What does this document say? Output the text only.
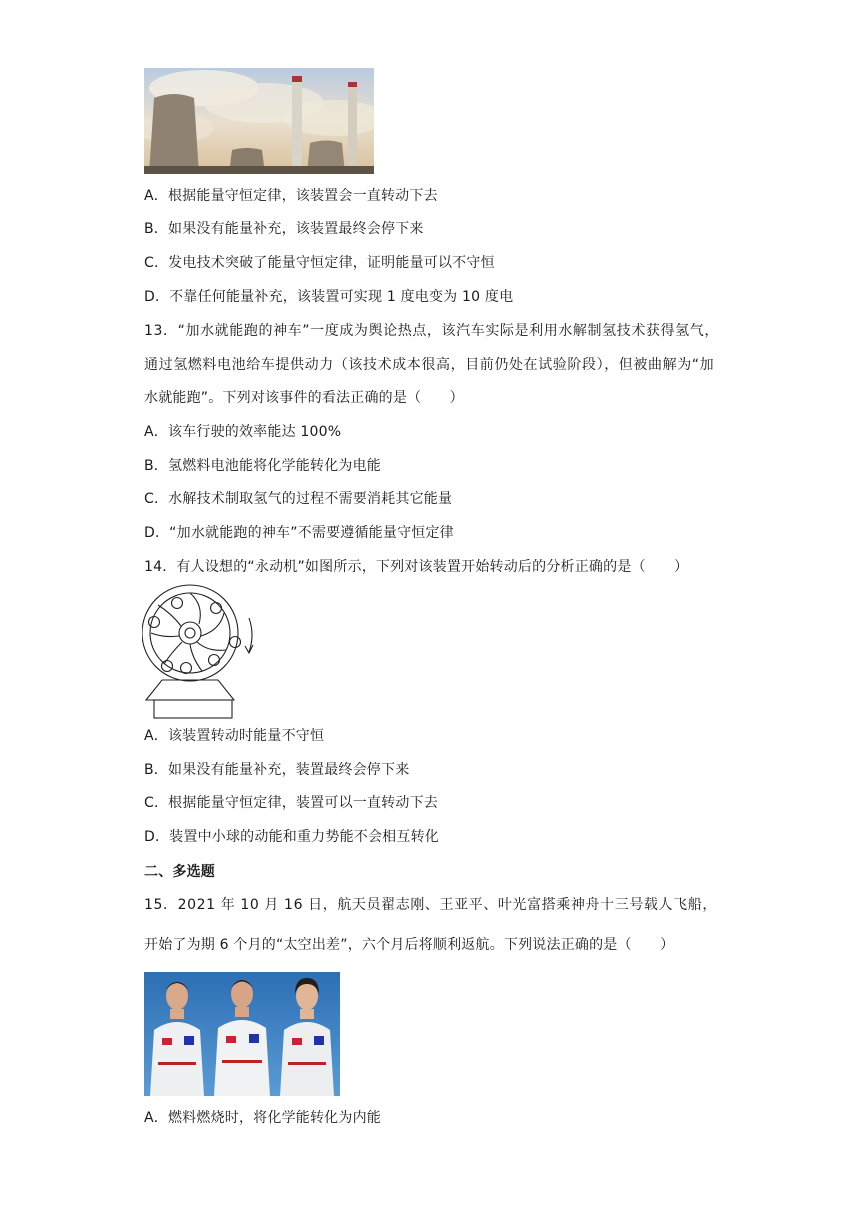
A．根据能量守恒定律，该装置会一直转动下去
B．如果没有能量补充，该装置最终会停下来
C．发电技术突破了能量守恒定律，证明能量可以不守恒
D．不靠任何能量补充，该装置可实现 1 度电变为 10 度电
13．“加水就能跑的神车”一度成为舆论热点，该汽车实际是利用水解制氢技术获得氢气，
通过氢燃料电池给车提供动力（该技术成本很高，目前仍处在试验阶段），但被曲解为“加
水就能跑”。下列对该事件的看法正确的是（　　）
A．该车行驶的效率能达 100%
B．氢燃料电池能将化学能转化为电能
C．水解技术制取氢气的过程不需要消耗其它能量
D．“加水就能跑的神车”不需要遵循能量守恒定律
14．有人设想的“永动机”如图所示，下列对该装置开始转动后的分析正确的是（　　）
A．该装置转动时能量不守恒
B．如果没有能量补充，装置最终会停下来
C．根据能量守恒定律，装置可以一直转动下去
D．装置中小球的动能和重力势能不会相互转化
二、多选题
15．2021 年 10 月 16 日，航天员翟志刚、王亚平、叶光富搭乘神舟十三号载人飞船，
开始了为期 6 个月的“太空出差”，六个月后将顺利返航。下列说法正确的是（　　）
A．燃料燃烧时，将化学能转化为内能
